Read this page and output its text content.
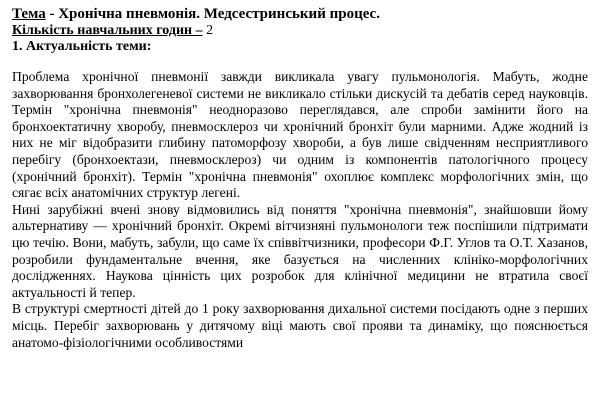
Тема - Хронічна пневмонія. Медсестринський процес.
Кількість навчальних годин – 2
1. Актуальність теми:

Проблема хронічної пневмонії завжди викликала увагу пульмонологія. Мабуть, жодне захворювання бронхолегеневої системи не викликало стільки дискусій та дебатів серед науковців. Термін "хронічна пневмонія" неодноразово переглядався, але спроби замінити його на бронхоектатичну хворобу, пневмосклероз чи хронічний бронхіт були марними. Адже жодний із них не міг відобразити глибину патоморфозу хвороби, а був лише свідченням несприятливого перебігу (бронхоектази, пневмосклероз) чи одним із компонентів патологічного процесу (хронічний бронхіт). Термін "хронічна пневмонія" охоплює комплекс морфологічних змін, що сягає всіх анатомічних структур легені.

Нині зарубіжні вчені знову відмовились від поняття "хронічна пневмонія", знайшовши йому альтернативу — хронічний бронхіт. Окремі вітчизняні пульмонологи теж поспішили підтримати цю течію. Вони, мабуть, забули, що саме їх співвітчизники, професори Ф.Г. Углов та О.Т. Хазанов, розробили фундаментальне вчення, яке базується на численних клініко-морфологічних дослідженнях. Наукова цінність цих розробок для клінічної медицини не втратила своєї актуальності й тепер.

В структурі смертності дітей до 1 року захворювання дихальної системи посідають одне з перших місць. Перебіг захворювань у дитячому віці мають свої прояви та динаміку, що пояснюється анатомо-фізіологічними особливостями
